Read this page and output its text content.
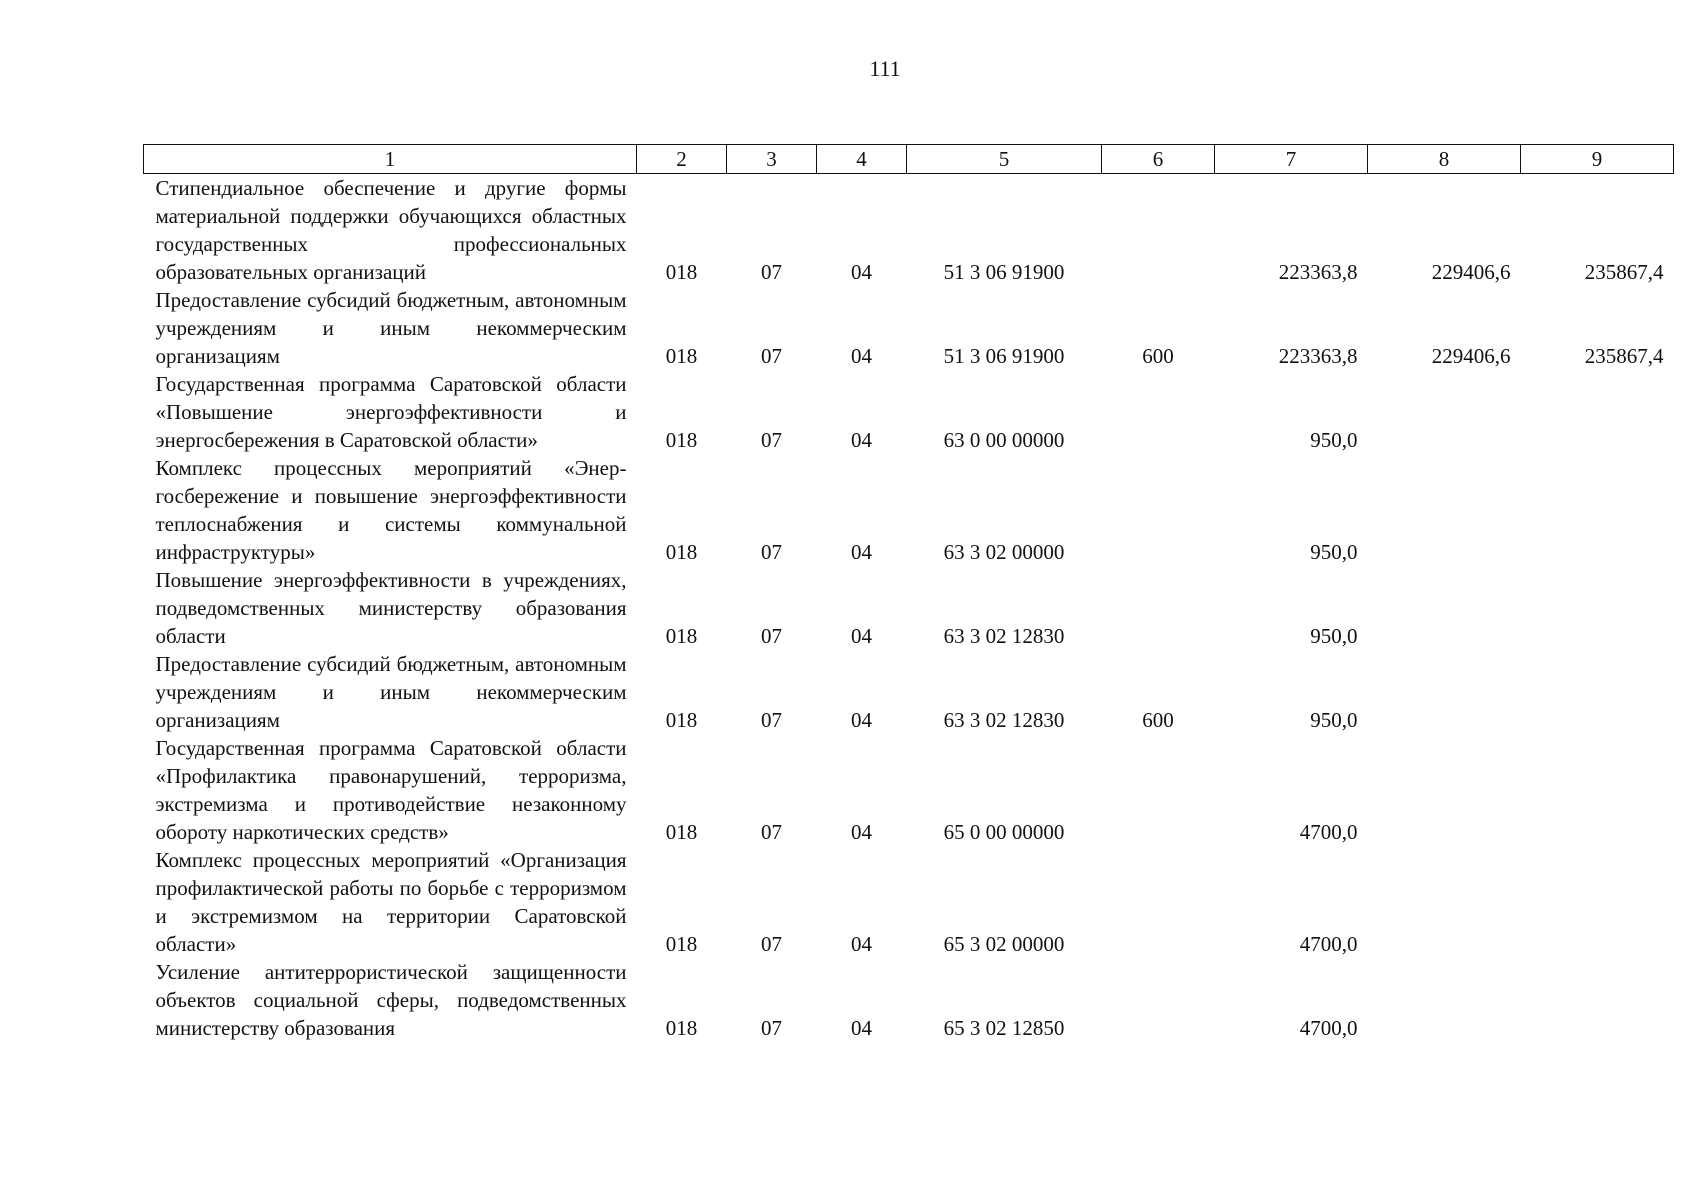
111
1	2	3	4	5	6	7	8	9
Стипендиальное обеспечение и другие формы материальной поддержки обучающихся областных государственных профессиональных образовательных организаций	018	07	04	51 3 06 91900		223363,8	229406,6	235867,4
Предоставление субсидий бюджетным, автономным учреждениям и иным некоммерческим организациям	018	07	04	51 3 06 91900	600	223363,8	229406,6	235867,4
Государственная программа Саратовской области «Повышение энергоэффективности и энергосбережения в Саратовской области»	018	07	04	63 0 00 00000		950,0		
Комплекс процессных мероприятий «Энергосбережение и повышение энергоэффективности теплоснабжения и системы коммунальной инфраструктуры»	018	07	04	63 3 02 00000		950,0		
Повышение энергоэффективности в учреждениях, подведомственных министерству образования области	018	07	04	63 3 02 12830		950,0		
Предоставление субсидий бюджетным, автономным учреждениям и иным некоммерческим организациям	018	07	04	63 3 02 12830	600	950,0		
Государственная программа Саратовской области «Профилактика правонарушений, терроризма, экстремизма и противодействие незаконному обороту наркотических средств»	018	07	04	65 0 00 00000		4700,0		
Комплекс процессных мероприятий «Организация профилактической работы по борьбе с терроризмом и экстремизмом на территории Саратовской области»	018	07	04	65 3 02 00000		4700,0		
Усиление антитеррористической защищенности объектов социальной сферы, подведомственных министерству образования	018	07	04	65 3 02 12850		4700,0		
